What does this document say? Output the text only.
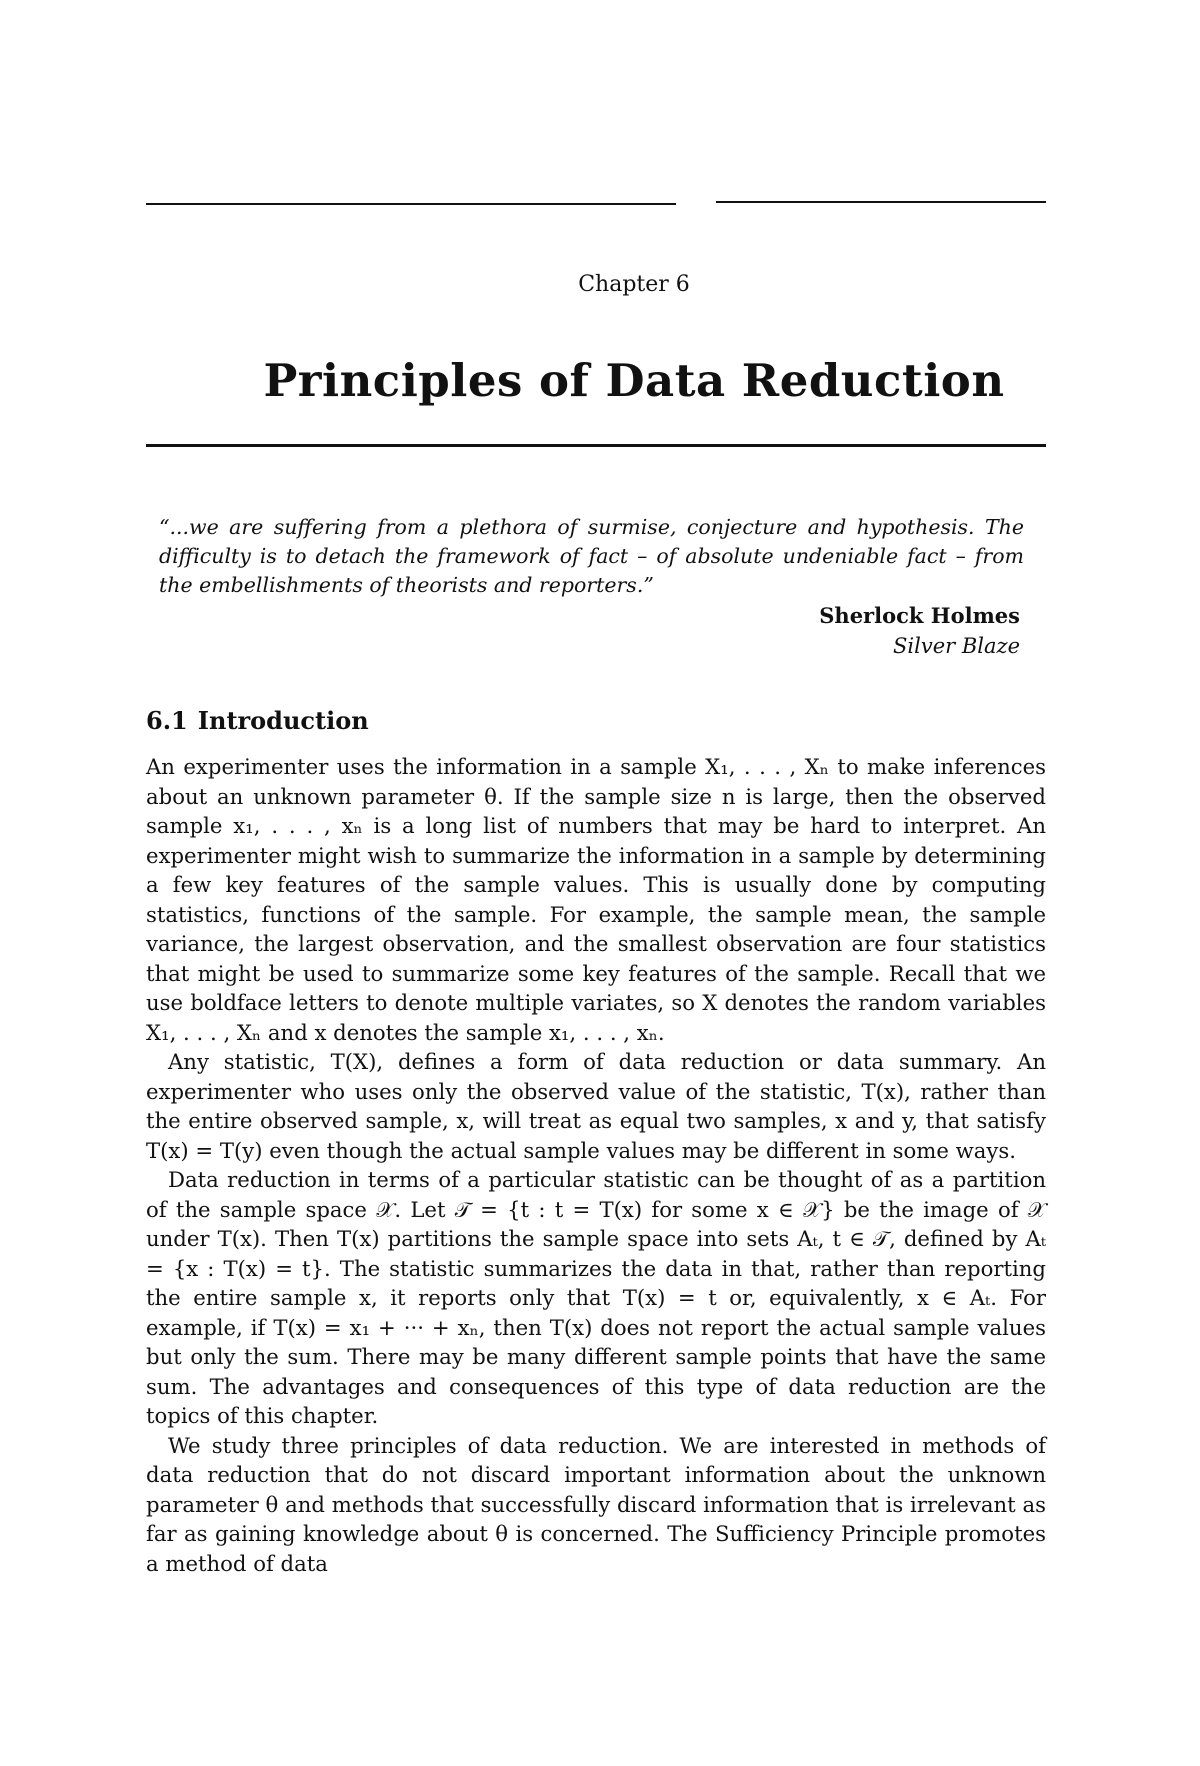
Chapter 6
Principles of Data Reduction
“...we are suffering from a plethora of surmise, conjecture and hypothesis. The difficulty is to detach the framework of fact – of absolute undeniable fact – from the embellishments of theorists and reporters.”
Sherlock Holmes
Silver Blaze
6.1 Introduction

An experimenter uses the information in a sample X₁, . . . , Xₙ to make inferences about an unknown parameter θ. If the sample size n is large, then the observed sample x₁, . . . , xₙ is a long list of numbers that may be hard to interpret. An experimenter might wish to summarize the information in a sample by determining a few key features of the sample values. This is usually done by computing statistics, functions of the sample. For example, the sample mean, the sample variance, the largest observation, and the smallest observation are four statistics that might be used to summarize some key features of the sample. Recall that we use boldface letters to denote multiple variates, so X denotes the random variables X₁, . . . , Xₙ and x denotes the sample x₁, . . . , xₙ.

Any statistic, T(X), defines a form of data reduction or data summary. An experimenter who uses only the observed value of the statistic, T(x), rather than the entire observed sample, x, will treat as equal two samples, x and y, that satisfy T(x) = T(y) even though the actual sample values may be different in some ways.

Data reduction in terms of a particular statistic can be thought of as a partition of the sample space 𝒳. Let 𝒯 = {t : t = T(x) for some x ∈ 𝒳} be the image of 𝒳 under T(x). Then T(x) partitions the sample space into sets Aₜ, t ∈ 𝒯, defined by Aₜ = {x : T(x) = t}. The statistic summarizes the data in that, rather than reporting the entire sample x, it reports only that T(x) = t or, equivalently, x ∈ Aₜ. For example, if T(x) = x₁ + ··· + xₙ, then T(x) does not report the actual sample values but only the sum. There may be many different sample points that have the same sum. The advantages and consequences of this type of data reduction are the topics of this chapter.

We study three principles of data reduction. We are interested in methods of data reduction that do not discard important information about the unknown parameter θ and methods that successfully discard information that is irrelevant as far as gaining knowledge about θ is concerned. The Sufficiency Principle promotes a method of data
